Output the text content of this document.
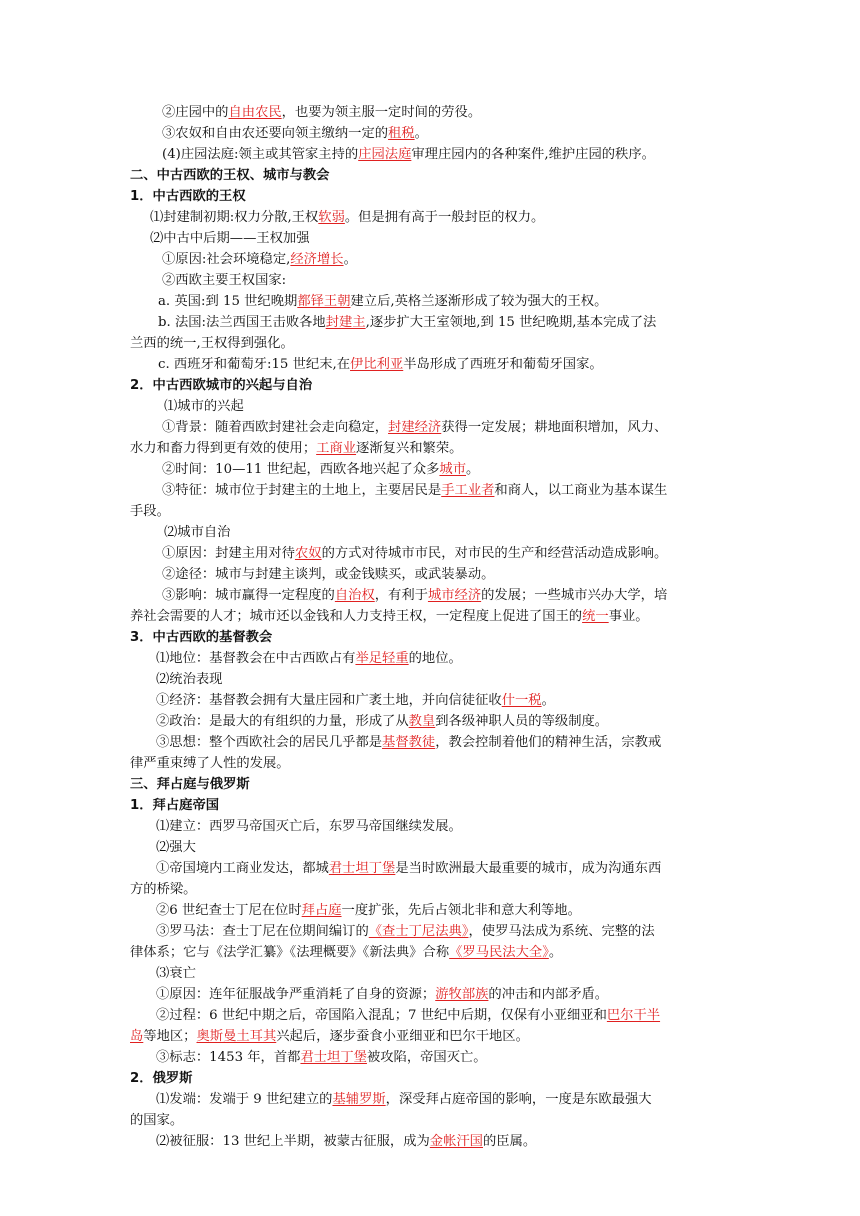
②庄园中的自由农民，也要为领主服一定时间的劳役。
③农奴和自由农还要向领主缴纳一定的租税。
(4)庄园法庭:领主或其管家主持的庄园法庭审理庄园内的各种案件,维护庄园的秩序。
二、中古西欧的王权、城市与教会
1．中古西欧的王权
⑴封建制初期:权力分散,王权软弱。但是拥有高于一般封臣的权力。
⑵中古中后期——王权加强
①原因:社会环境稳定,经济增长。
②西欧主要王权国家:
a. 英国:到 15 世纪晚期都铎王朝建立后,英格兰逐渐形成了较为强大的王权。
b. 法国:法兰西国王击败各地封建主,逐步扩大王室领地,到 15 世纪晚期,基本完成了法
兰西的统一,王权得到强化。
c. 西班牙和葡萄牙:15 世纪末,在伊比利亚半岛形成了西班牙和葡萄牙国家。
2．中古西欧城市的兴起与自治
⑴城市的兴起
①背景：随着西欧封建社会走向稳定，封建经济获得一定发展；耕地面积增加，风力、
水力和畜力得到更有效的使用；工商业逐渐复兴和繁荣。
②时间：10—11 世纪起，西欧各地兴起了众多城市。
③特征：城市位于封建主的土地上，主要居民是手工业者和商人，以工商业为基本谋生
手段。
⑵城市自治
①原因：封建主用对待农奴的方式对待城市市民，对市民的生产和经营活动造成影响。
②途径：城市与封建主谈判，或金钱赎买，或武装暴动。
③影响：城市赢得一定程度的自治权，有利于城市经济的发展；一些城市兴办大学，培
养社会需要的人才；城市还以金钱和人力支持王权，一定程度上促进了国王的统一事业。
3．中古西欧的基督教会
⑴地位：基督教会在中古西欧占有举足轻重的地位。
⑵统治表现
①经济：基督教会拥有大量庄园和广袤土地，并向信徒征收什一税。
②政治：是最大的有组织的力量，形成了从教皇到各级神职人员的等级制度。
③思想：整个西欧社会的居民几乎都是基督教徒，教会控制着他们的精神生活，宗教戒
律严重束缚了人性的发展。
三、拜占庭与俄罗斯
1．拜占庭帝国
⑴建立：西罗马帝国灭亡后，东罗马帝国继续发展。
⑵强大
①帝国境内工商业发达，都城君士坦丁堡是当时欧洲最大最重要的城市，成为沟通东西
方的桥梁。
②6 世纪查士丁尼在位时拜占庭一度扩张，先后占领北非和意大利等地。
③罗马法：查士丁尼在位期间编订的《查士丁尼法典》，使罗马法成为系统、完整的法
律体系；它与《法学汇纂》《法理概要》《新法典》合称《罗马民法大全》。
⑶衰亡
①原因：连年征服战争严重消耗了自身的资源；游牧部族的冲击和内部矛盾。
②过程：6 世纪中期之后，帝国陷入混乱；7 世纪中后期，仅保有小亚细亚和巴尔干半
岛等地区；奥斯曼土耳其兴起后，逐步蚕食小亚细亚和巴尔干地区。
③标志：1453 年，首都君士坦丁堡被攻陷，帝国灭亡。
2．俄罗斯
⑴发端：发端于 9 世纪建立的基辅罗斯，深受拜占庭帝国的影响，一度是东欧最强大
的国家。
⑵被征服：13 世纪上半期，被蒙古征服，成为金帐汗国的臣属。
